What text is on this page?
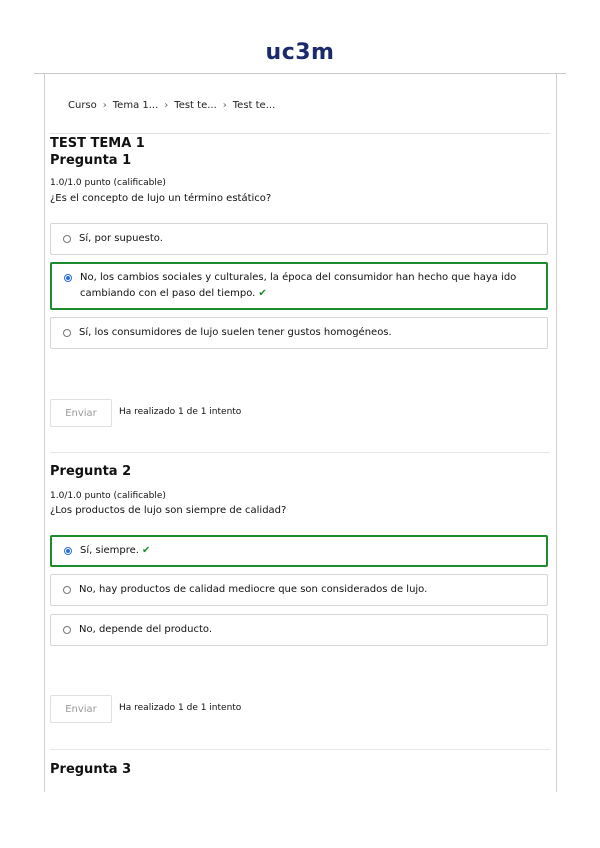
uc3m
Curso › Tema 1... › Test te... › Test te...
TEST TEMA 1
Pregunta 1
1.0/1.0 punto (calificable)
¿Es el concepto de lujo un término estático?
Sí, por supuesto.
No, los cambios sociales y culturales, la época del consumidor han hecho que haya ido cambiando con el paso del tiempo. ✔
Sí, los consumidores de lujo suelen tener gustos homogéneos.
Enviar	Ha realizado 1 de 1 intento
Pregunta 2
1.0/1.0 punto (calificable)
¿Los productos de lujo son siempre de calidad?
Sí, siempre. ✔
No, hay productos de calidad mediocre que son considerados de lujo.
No, depende del producto.
Enviar	Ha realizado 1 de 1 intento
Pregunta 3
